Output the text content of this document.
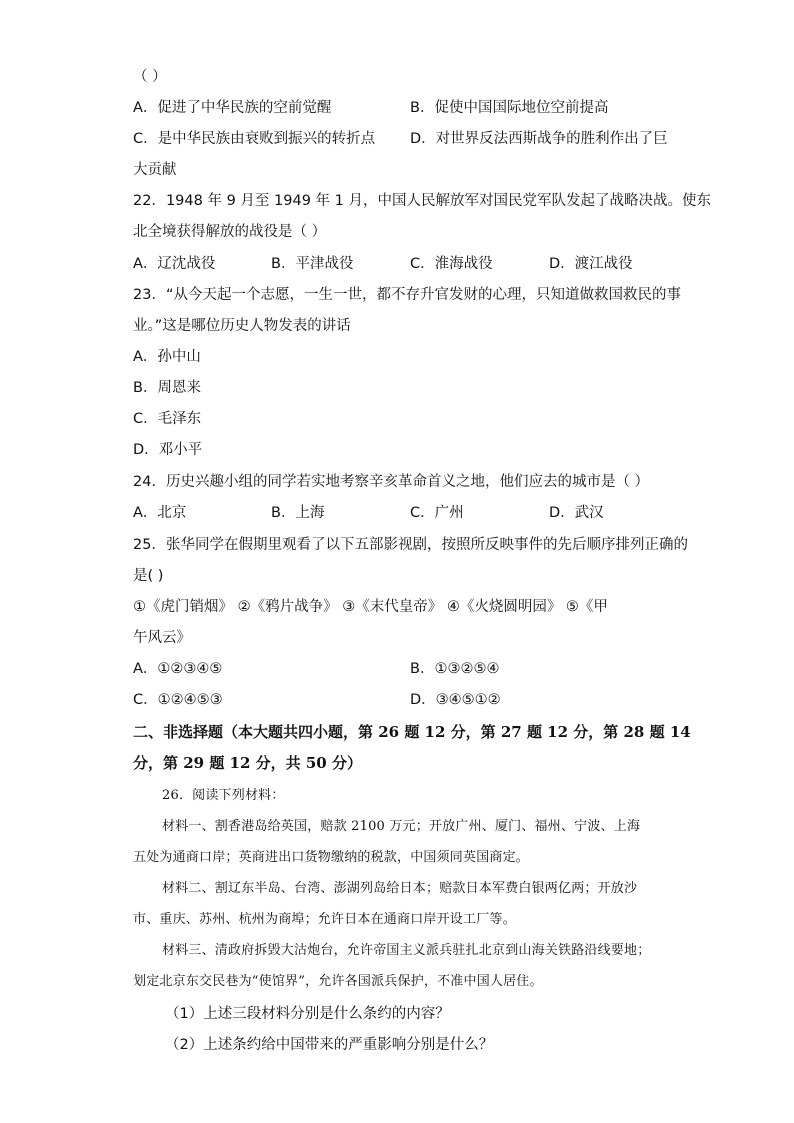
（ ）
A．促进了中华民族的空前觉醒	B．促使中国国际地位空前提高
C．是中华民族由衰败到振兴的转折点 D．对世界反法西斯战争的胜利作出了巨
大贡献
22．1948 年 9 月至 1949 年 1 月，中国人民解放军对国民党军队发起了战略决战。使东
北全境获得解放的战役是（ ）
A．辽沈战役	B．平津战役	C．淮海战役	D．渡江战役
23．“从今天起一个志愿，一生一世，都不存升官发财的心理，只知道做救国救民的事
业。”这是哪位历史人物发表的讲话
A．孙中山
B．周恩来
C．毛泽东
D．邓小平
24．历史兴趣小组的同学若实地考察辛亥革命首义之地，他们应去的城市是（ ）
A．北京	B．上海	C．广州	D．武汉
25．张华同学在假期里观看了以下五部影视剧，按照所反映事件的先后顺序排列正确的
是( )
①《虎门销烟》 ②《鸦片战争》 ③《末代皇帝》 ④《火烧圆明园》 ⑤《甲
午风云》
A．①②③④⑤	B．①③②⑤④
C．①②④⑤③	D．③④⑤①②
二、非选择题（本大题共四小题，第 26 题 12 分，第 27 题 12 分，第 28 题 14
分，第 29 题 12 分，共 50 分）
26．阅读下列材料：
材料一、割香港岛给英国，赔款 2100 万元；开放广州、厦门、福州、宁波、上海
五处为通商口岸；英商进出口货物缴纳的税款，中国须同英国商定。
材料二、割辽东半岛、台湾、澎湖列岛给日本；赔款日本军费白银两亿两；开放沙
市、重庆、苏州、杭州为商埠；允许日本在通商口岸开设工厂等。
材料三、清政府拆毁大沽炮台，允许帝国主义派兵驻扎北京到山海关铁路沿线要地；
划定北京东交民巷为“使馆界”，允许各国派兵保护，不准中国人居住。
（1）上述三段材料分别是什么条约的内容？
（2）上述条约给中国带来的严重影响分别是什么？
